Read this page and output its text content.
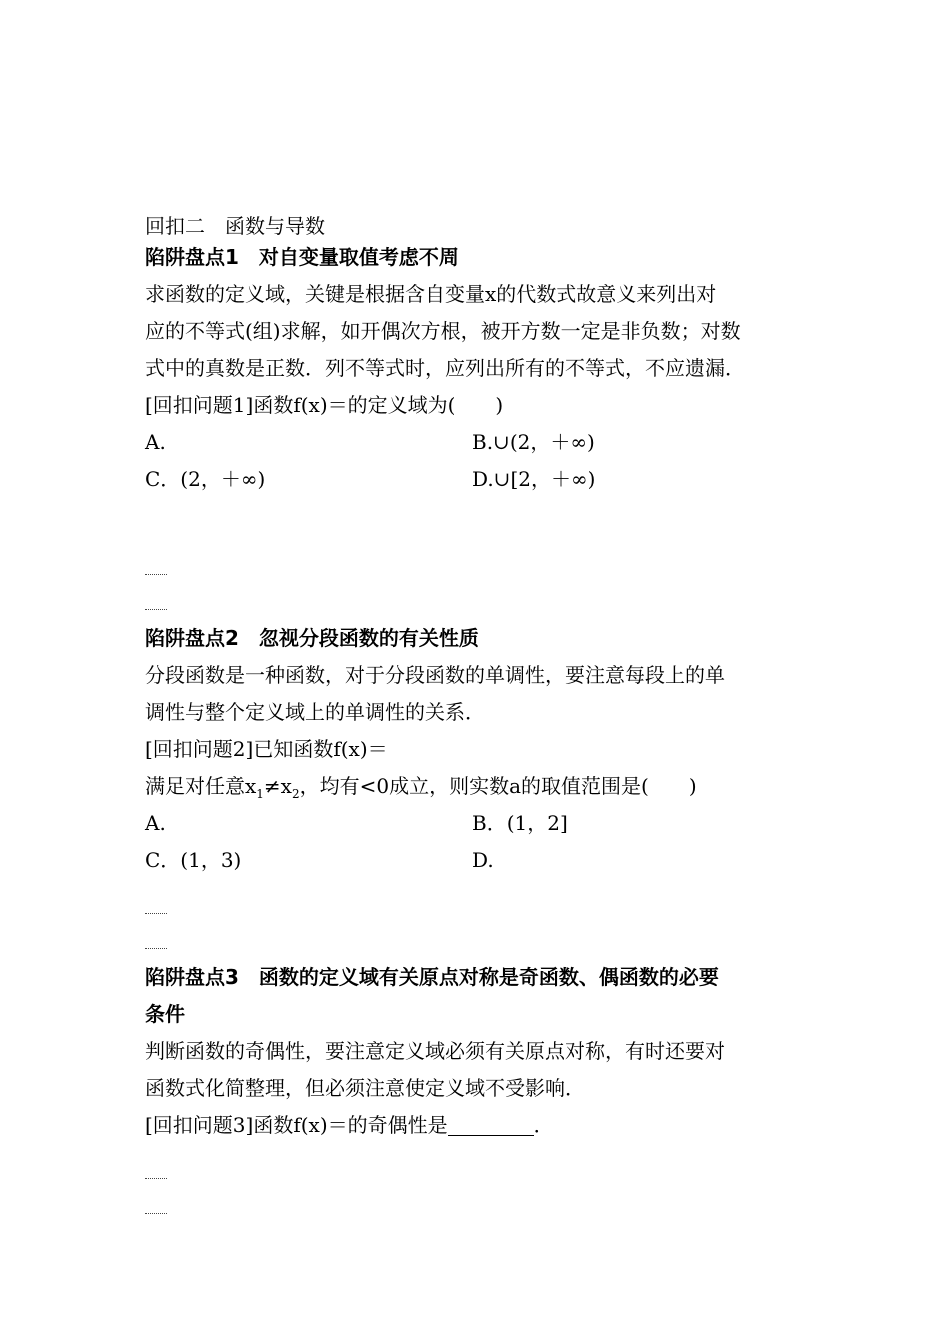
回扣二　函数与导数
陷阱盘点1　对自变量取值考虑不周
求函数的定义域，关键是根据含自变量x的代数式故意义来列出对
应的不等式(组)求解，如开偶次方根，被开方数一定是非负数；对数
式中的真数是正数．列不等式时，应列出所有的不等式，不应遗漏．
[回扣问题1]函数f(x)＝的定义域为(　　)
A.	B.∪(2，＋∞)
C．(2，＋∞)	D.∪[2，＋∞)
陷阱盘点2　忽视分段函数的有关性质
分段函数是一种函数，对于分段函数的单调性，要注意每段上的单
调性与整个定义域上的单调性的关系．
[回扣问题2]已知函数f(x)＝
满足对任意$x_1\ne x_2$，均有<0成立，则实数a的取值范围是(　　)
A.	B．(1，2]
C．(1，3)	D.
陷阱盘点3　函数的定义域有关原点对称是奇函数、偶函数的必要
条件
判断函数的奇偶性，要注意定义域必须有关原点对称，有时还要对
函数式化简整理，但必须注意使定义域不受影响．
[回扣问题3]函数f(x)＝的奇偶性是	．
